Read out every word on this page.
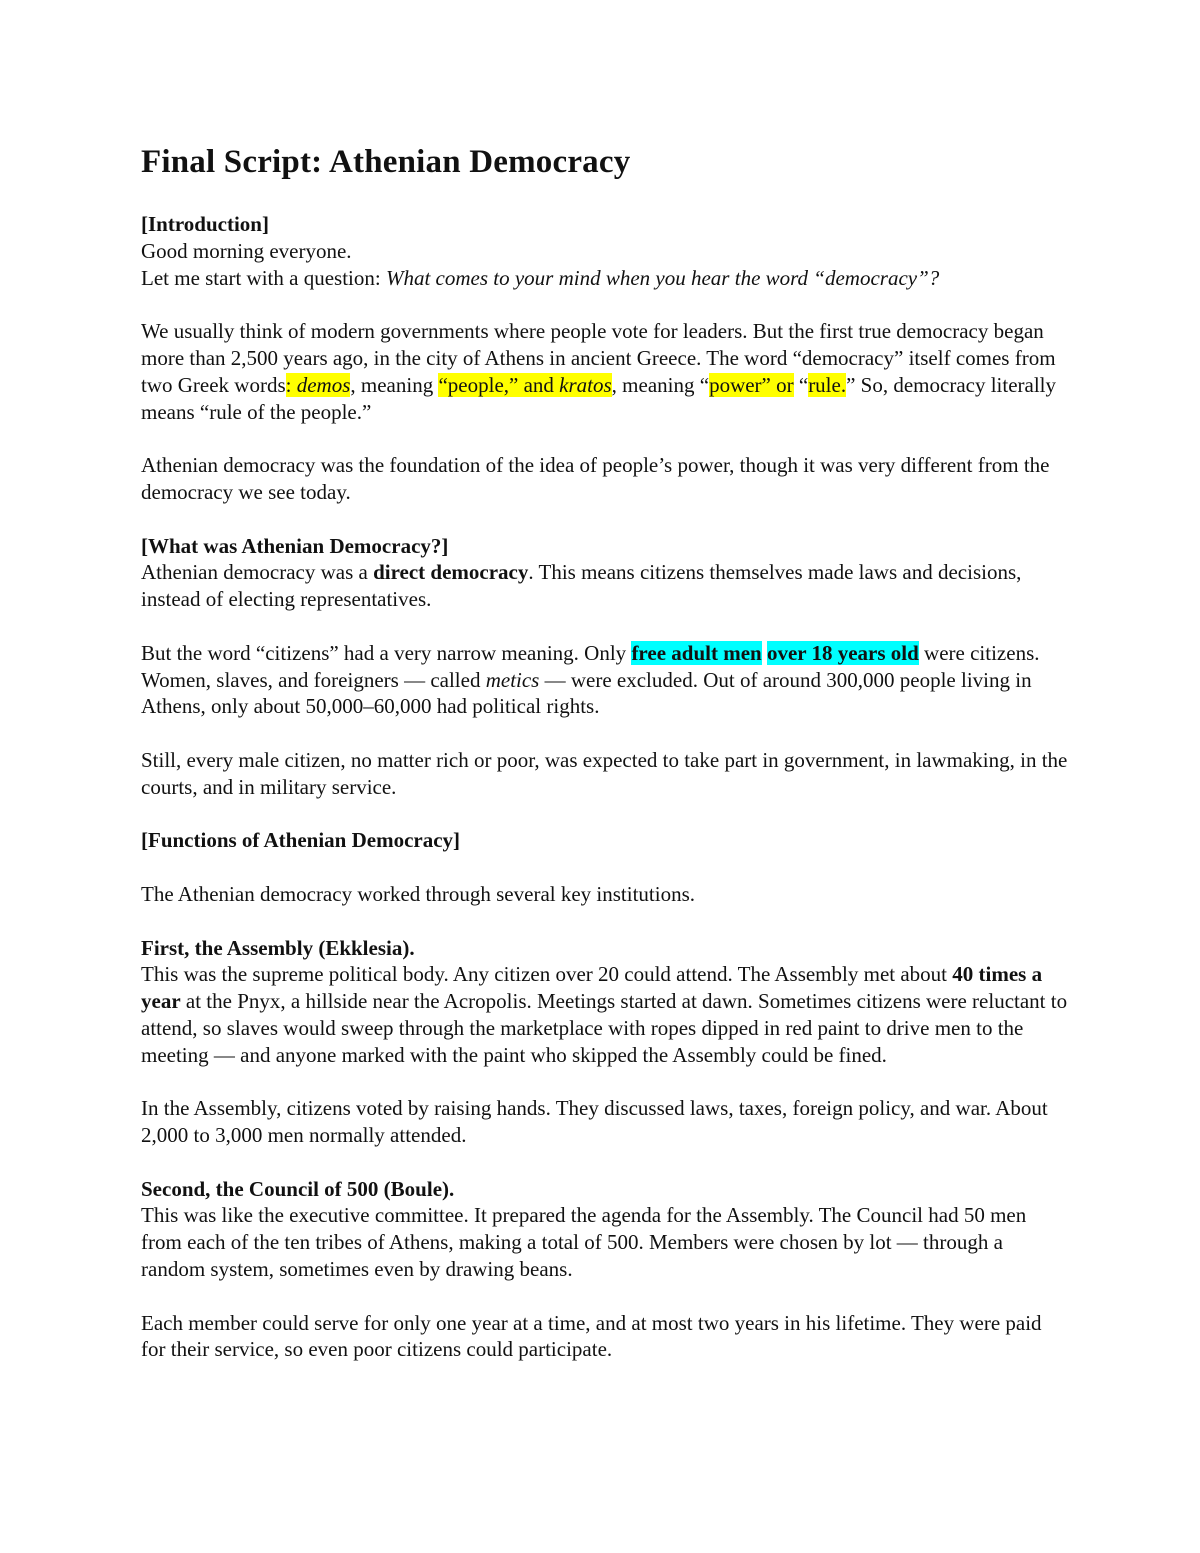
Final Script: Athenian Democracy
[Introduction]
Good morning everyone.

Let me start with a question: What comes to your mind when you hear the word “democracy”?

We usually think of modern governments where people vote for leaders. But the first true democracy began more than 2,500 years ago, in the city of Athens in ancient Greece. The word “democracy” itself comes from two Greek words: demos, meaning “people,” and kratos, meaning “power” or “rule.” So, democracy literally means “rule of the people.”

Athenian democracy was the foundation of the idea of people’s power, though it was very different from the democracy we see today.

[What was Athenian Democracy?]

Athenian democracy was a direct democracy. This means citizens themselves made laws and decisions, instead of electing representatives.

But the word “citizens” had a very narrow meaning. Only free adult men over 18 years old were citizens. Women, slaves, and foreigners — called metics — were excluded. Out of around 300,000 people living in Athens, only about 50,000–60,000 had political rights.

Still, every male citizen, no matter rich or poor, was expected to take part in government, in lawmaking, in the courts, and in military service.

[Functions of Athenian Democracy]

The Athenian democracy worked through several key institutions.

First, the Assembly (Ekklesia).

This was the supreme political body. Any citizen over 20 could attend. The Assembly met about 40 times a year at the Pnyx, a hillside near the Acropolis. Meetings started at dawn. Sometimes citizens were reluctant to attend, so slaves would sweep through the marketplace with ropes dipped in red paint to drive men to the meeting — and anyone marked with the paint who skipped the Assembly could be fined.

In the Assembly, citizens voted by raising hands. They discussed laws, taxes, foreign policy, and war. About 2,000 to 3,000 men normally attended.

Second, the Council of 500 (Boule).

This was like the executive committee. It prepared the agenda for the Assembly. The Council had 50 men from each of the ten tribes of Athens, making a total of 500. Members were chosen by lot — through a random system, sometimes even by drawing beans.

Each member could serve for only one year at a time, and at most two years in his lifetime. They were paid for their service, so even poor citizens could participate.
